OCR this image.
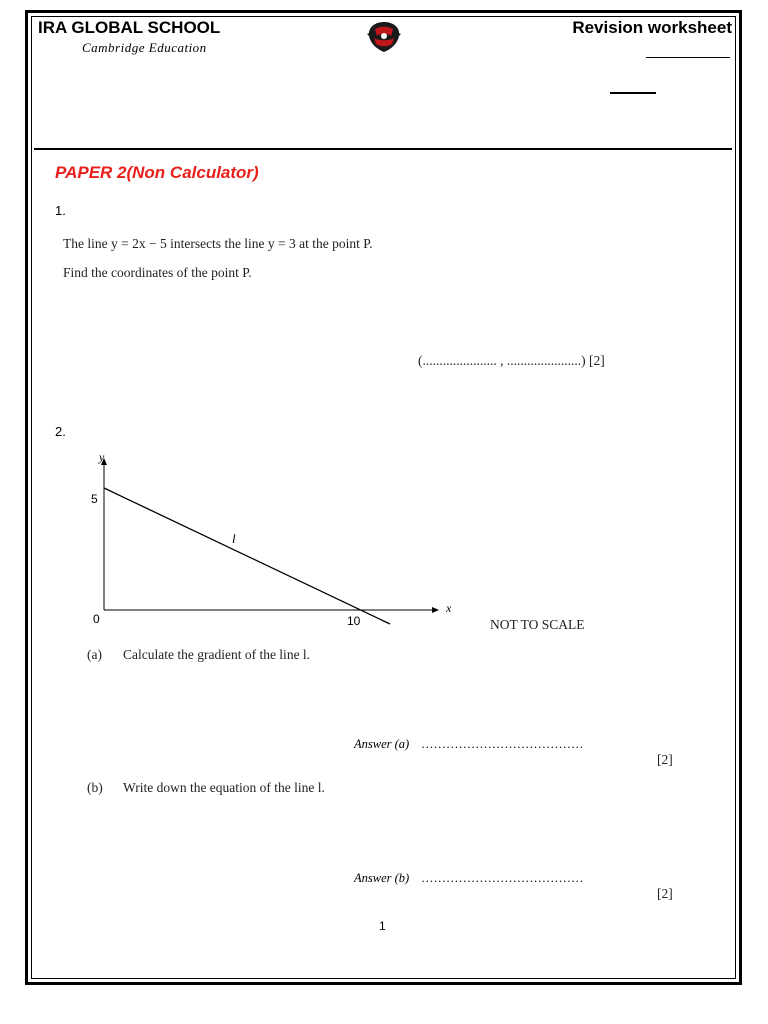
IRA GLOBAL SCHOOL
Cambridge Education
Revision worksheet
PAPER 2(Non Calculator)
1.
The line y = 2x − 5 intersects the line y = 3 at the point P.
Find the coordinates of the point P.
(...................... , ......................) [2]
2.
y
5
l
0	10
x
NOT TO SCALE
(a) Calculate the gradient of the line l.
Answer (a) …………………………………
[2]
(b) Write down the equation of the line l.
Answer (b) …………………………………
[2]
1
